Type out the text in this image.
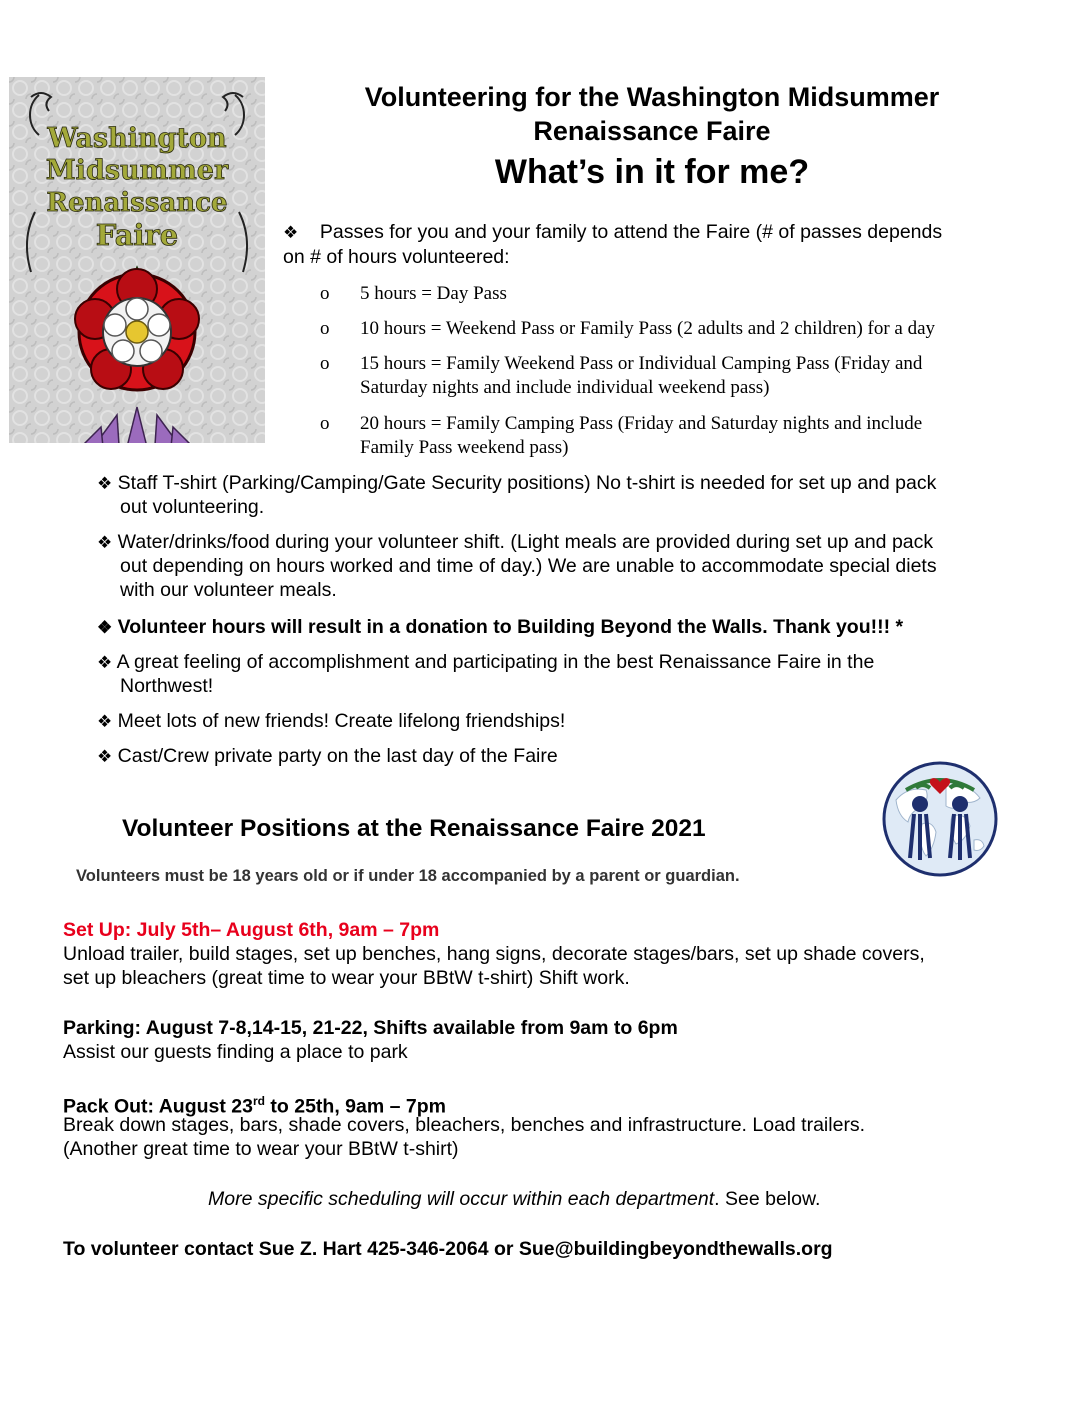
Washington
Midsummer
Renaissance
Faire
Volunteering for the Washington Midsummer
Renaissance Faire
What’s in it for me?
❖ Passes for you and your family to attend the Faire (# of passes depends
on # of hours volunteered:
o 5 hours = Day Pass
o 10 hours = Weekend Pass or Family Pass (2 adults and 2 children) for a day
o 15 hours = Family Weekend Pass or Individual Camping Pass (Friday and
Saturday nights and include individual weekend pass)
o 20 hours = Family Camping Pass (Friday and Saturday nights and include
Family Pass weekend pass)
❖ Staff T-shirt (Parking/Camping/Gate Security positions) No t-shirt is needed for set up and pack
out volunteering.
❖ Water/drinks/food during your volunteer shift. (Light meals are provided during set up and pack
out depending on hours worked and time of day.) We are unable to accommodate special diets
with our volunteer meals.
❖ Volunteer hours will result in a donation to Building Beyond the Walls. Thank you!!! *
❖ A great feeling of accomplishment and participating in the best Renaissance Faire in the
Northwest!
❖ Meet lots of new friends! Create lifelong friendships!
❖ Cast/Crew private party on the last day of the Faire
Volunteer Positions at the Renaissance Faire 2021
Volunteers must be 18 years old or if under 18 accompanied by a parent or guardian.
Set Up: July 5th– August 6th, 9am – 7pm
Unload trailer, build stages, set up benches, hang signs, decorate stages/bars, set up shade covers,
set up bleachers (great time to wear your BBtW t-shirt) Shift work.
Parking: August 7-8,14-15, 21-22, Shifts available from 9am to 6pm
Assist our guests finding a place to park
Pack Out: August 23rd to 25th, 9am – 7pm
Break down stages, bars, shade covers, bleachers, benches and infrastructure. Load trailers.
(Another great time to wear your BBtW t-shirt)
More specific scheduling will occur within each department. See below.
To volunteer contact Sue Z. Hart 425-346-2064 or Sue@buildingbeyondthewalls.org
